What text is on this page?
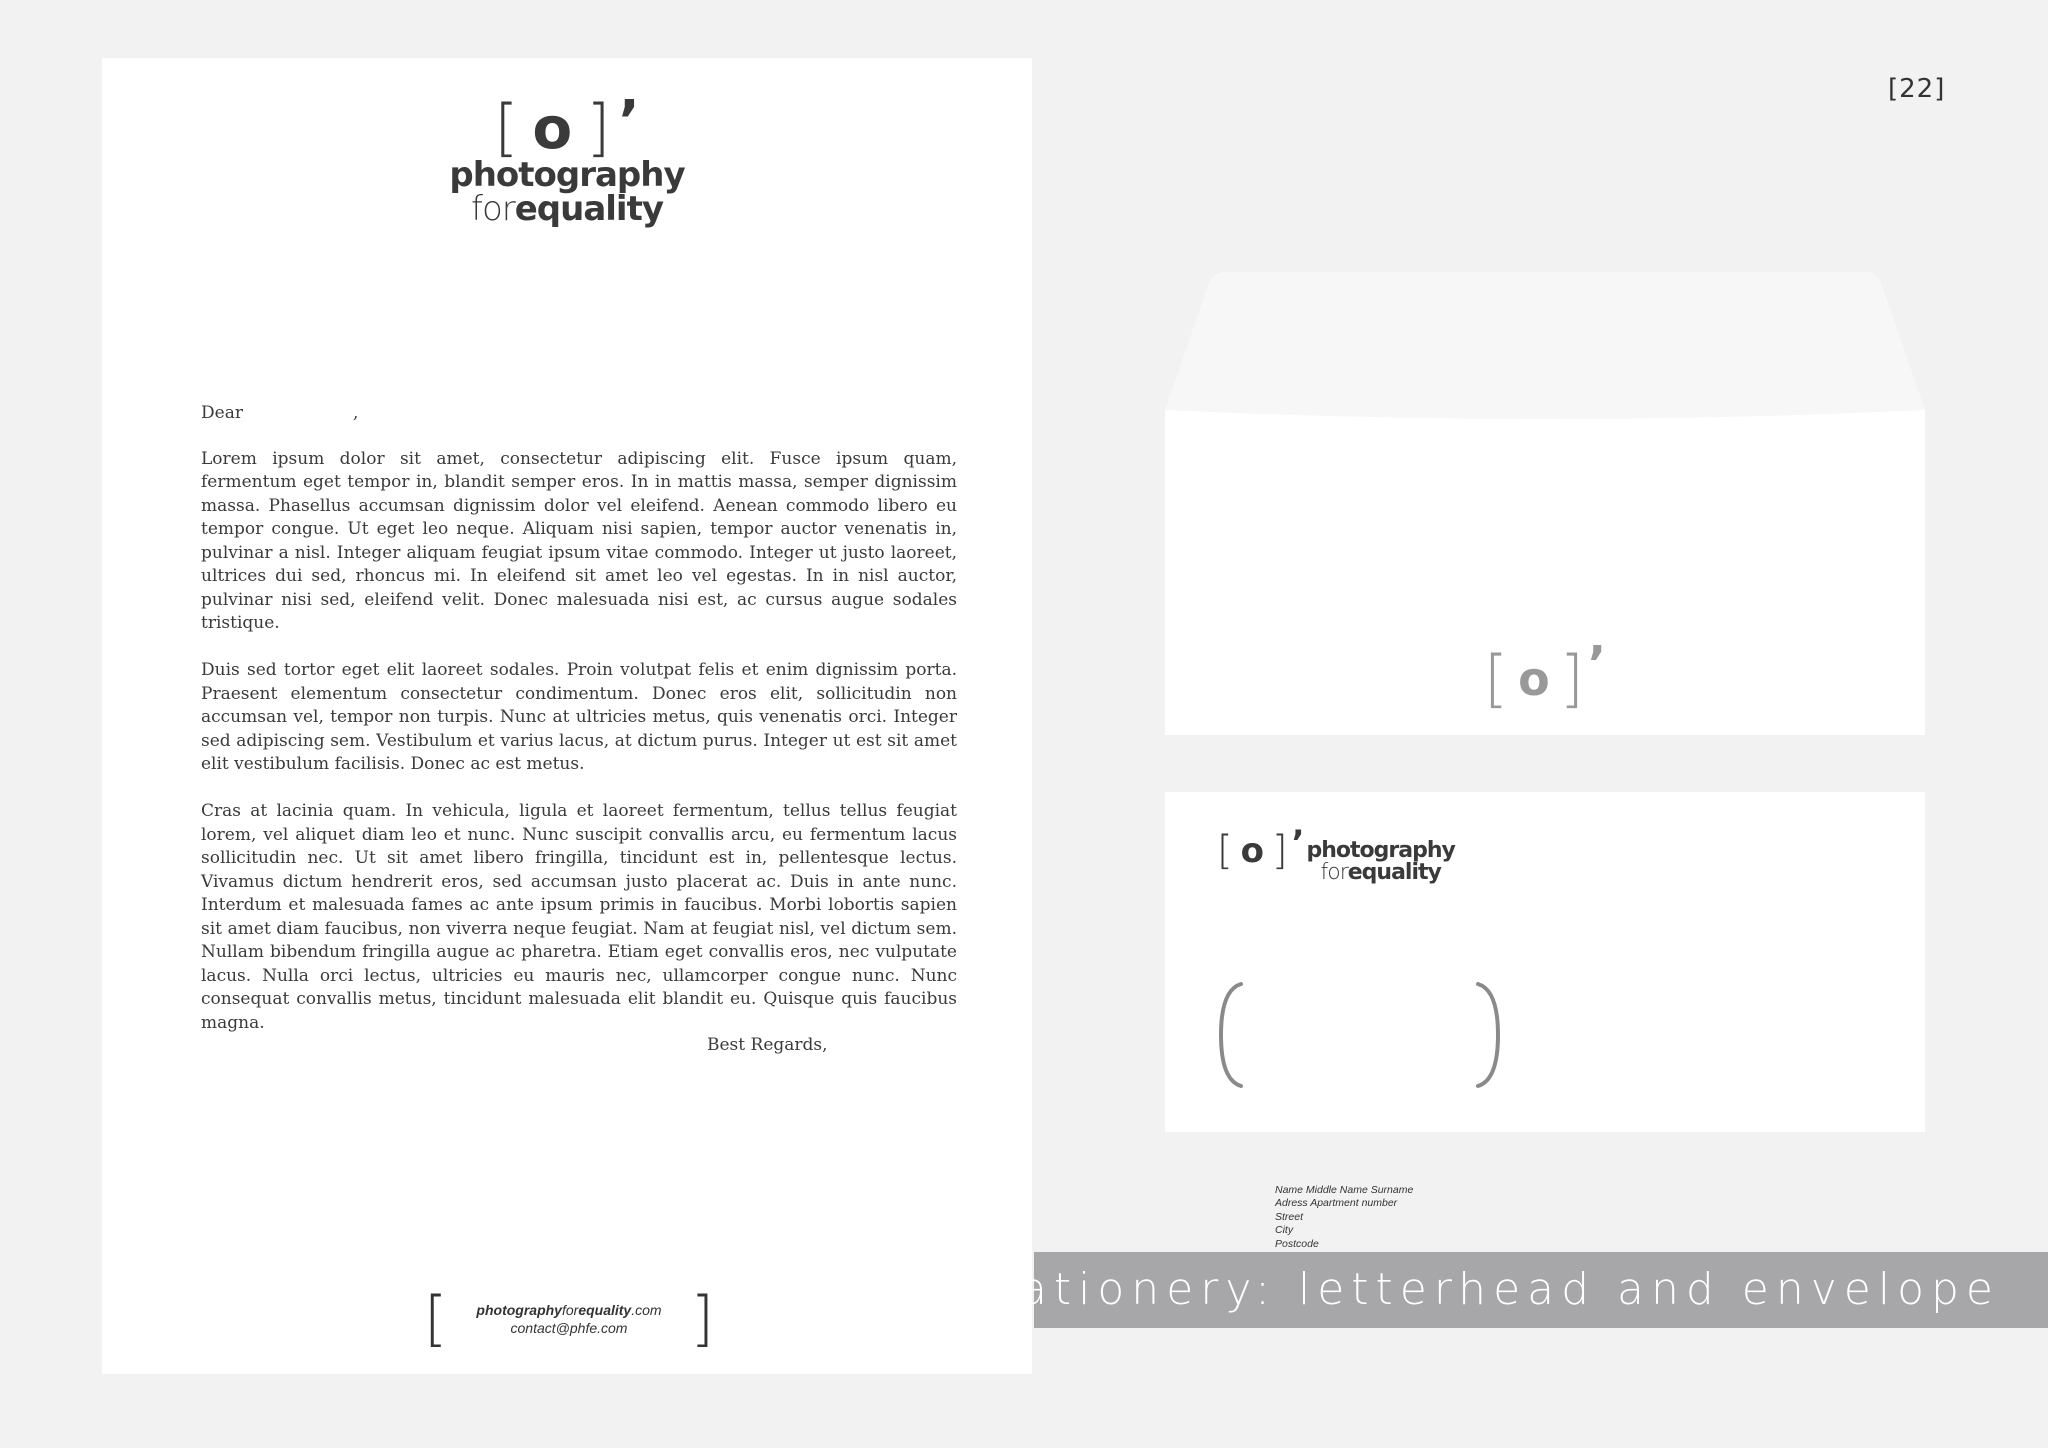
[ o ] ’
photography
forequality

Dear	,

Lorem ipsum dolor sit amet, consectetur adipiscing elit. Fusce ipsum quam, fermentum eget tempor in, blandit semper eros. In in mattis massa, semper dignissim massa. Phasellus accumsan dignissim dolor vel eleifend. Aenean commodo libero eu tempor congue. Ut eget leo neque. Aliquam nisi sapien, tempor auctor venenatis in, pulvinar a nisl. Integer aliquam feugiat ipsum vitae commodo. Integer ut justo laoreet, ultrices dui sed, rhoncus mi. In eleifend sit amet leo vel egestas. In in nisl auctor, pulvinar nisi sed, eleifend velit. Donec malesuada nisi est, ac cursus augue sodales tristique.

Duis sed tortor eget elit laoreet sodales. Proin volutpat felis et enim dignissim porta. Praesent elementum consectetur condimentum. Donec eros elit, sollicitudin non accumsan vel, tempor non turpis. Nunc at ultricies metus, quis venenatis orci. Integer sed adipiscing sem. Vestibulum et varius lacus, at dictum purus. Integer ut est sit amet elit vestibulum facilisis. Donec ac est metus.

Cras at lacinia quam. In vehicula, ligula et laoreet fermentum, tellus tellus feugiat lorem, vel aliquet diam leo et nunc. Nunc suscipit convallis arcu, eu fermentum lacus sollicitudin nec. Ut sit amet libero fringilla, tincidunt est in, pellentesque lectus. Vivamus dictum hendrerit eros, sed accumsan justo placerat ac. Duis in ante nunc. Interdum et malesuada fames ac ante ipsum primis in faucibus. Morbi lobortis sapien sit amet diam faucibus, non viverra neque feugiat. Nam at feugiat nisl, vel dictum sem. Nullam bibendum fringilla augue ac pharetra. Etiam eget convallis eros, nec vulputate lacus. Nulla orci lectus, ultricies eu mauris nec, ullamcorper congue nunc. Nunc consequat convallis metus, tincidunt malesuada elit blandit eu. Quisque quis faucibus magna.

Best Regards,
[ photographyforequality.com
contact@phfe.com	]
[22]
[ o ] ’
[ o ] ’ photography
forequality
Name Middle Name Surname
Adress Apartment number
Street
City
Postcode
stationery: letterhead and envelope
